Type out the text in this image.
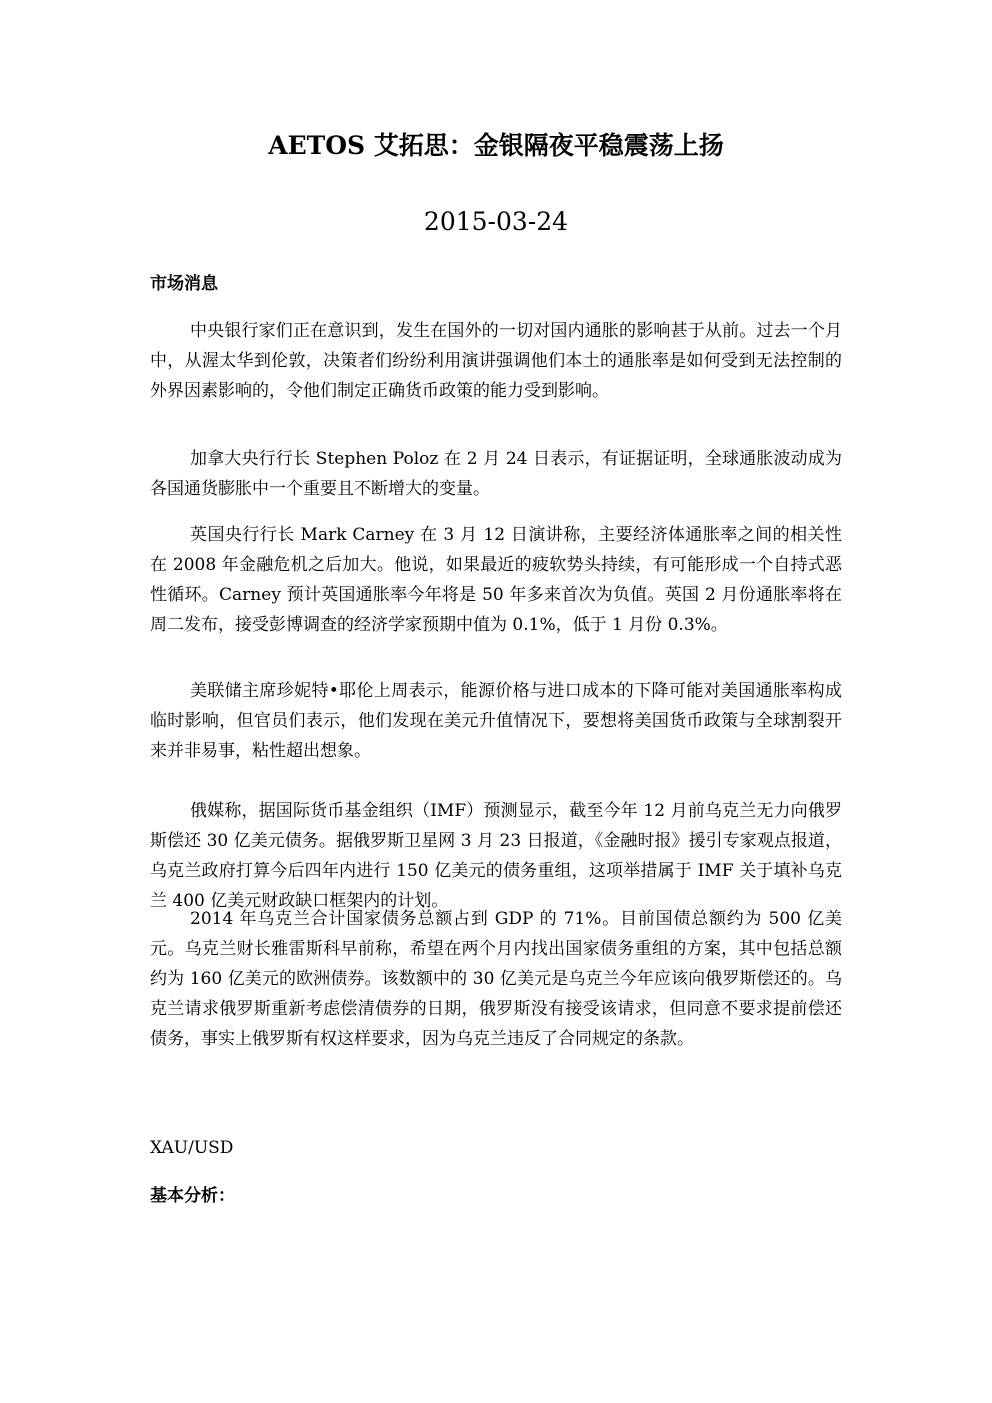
AETOS 艾拓思：金银隔夜平稳震荡上扬
2015-03-24
市场消息

中央银行家们正在意识到，发生在国外的一切对国内通胀的影响甚于从前。过去一个月中，从渥太华到伦敦，决策者们纷纷利用演讲强调他们本土的通胀率是如何受到无法控制的外界因素影响的，令他们制定正确货币政策的能力受到影响。

加拿大央行行长 Stephen Poloz 在 2 月 24 日表示，有证据证明，全球通胀波动成为各国通货膨胀中一个重要且不断增大的变量。

英国央行行长 Mark Carney 在 3 月 12 日演讲称，主要经济体通胀率之间的相关性在 2008 年金融危机之后加大。他说，如果最近的疲软势头持续，有可能形成一个自持式恶性循环。Carney 预计英国通胀率今年将是 50 年多来首次为负值。英国 2 月份通胀率将在周二发布，接受彭博调查的经济学家预期中值为 0.1%，低于 1 月份 0.3%。

美联储主席珍妮特•耶伦上周表示，能源价格与进口成本的下降可能对美国通胀率构成临时影响，但官员们表示，他们发现在美元升值情况下，要想将美国货币政策与全球割裂开来并非易事，粘性超出想象。

俄媒称，据国际货币基金组织（IMF）预测显示，截至今年 12 月前乌克兰无力向俄罗斯偿还 30 亿美元债务。据俄罗斯卫星网 3 月 23 日报道，《金融时报》援引专家观点报道，乌克兰政府打算今后四年内进行 150 亿美元的债务重组，这项举措属于 IMF 关于填补乌克兰 400 亿美元财政缺口框架内的计划。

2014 年乌克兰合计国家债务总额占到 GDP 的 71%。目前国债总额约为 500 亿美元。乌克兰财长雅雷斯科早前称，希望在两个月内找出国家债务重组的方案，其中包括总额约为 160 亿美元的欧洲债券。该数额中的 30 亿美元是乌克兰今年应该向俄罗斯偿还的。乌克兰请求俄罗斯重新考虑偿清债券的日期，俄罗斯没有接受该请求，但同意不要求提前偿还债务，事实上俄罗斯有权这样要求，因为乌克兰违反了合同规定的条款。

XAU/USD
基本分析：
